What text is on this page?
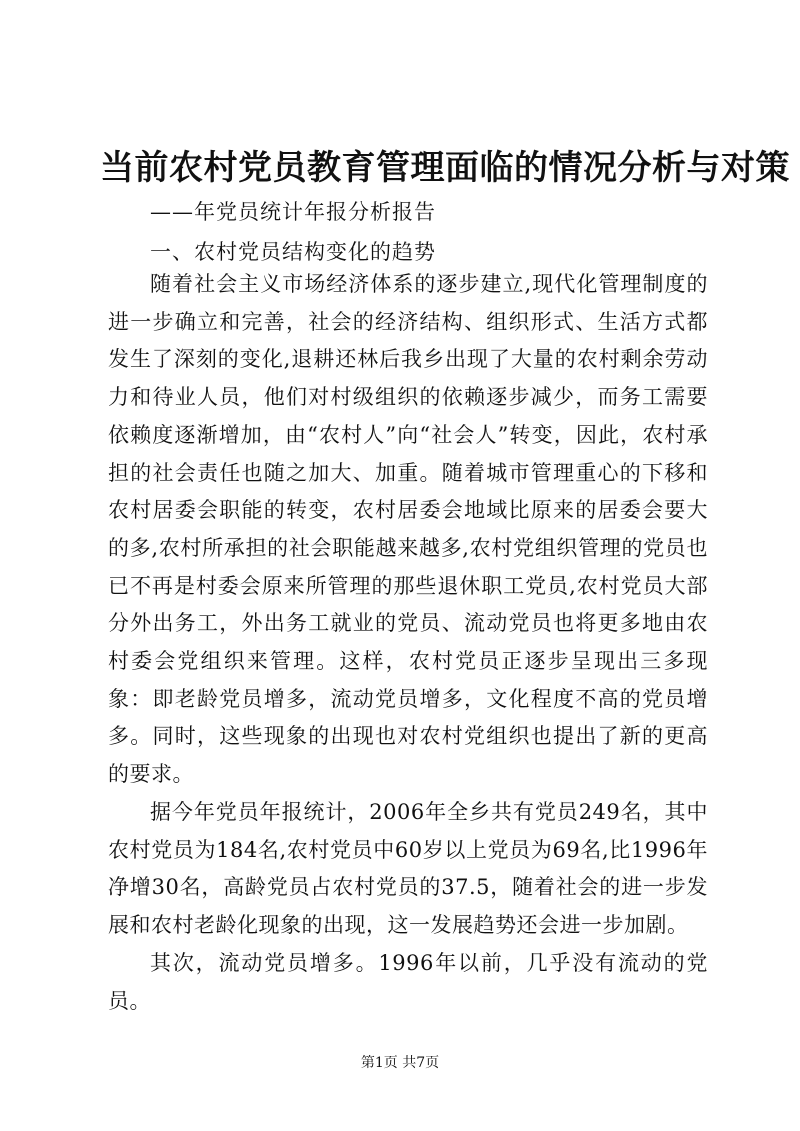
当前农村党员教育管理面临的情况分析与对策
——年党员统计年报分析报告
一、农村党员结构变化的趋势

随着社会主义市场经济体系的逐步建立,现代化管理制度的进一步确立和完善，社会的经济结构、组织形式、生活方式都发生了深刻的变化,退耕还林后我乡出现了大量的农村剩余劳动力和待业人员，他们对村级组织的依赖逐步减少，而务工需要依赖度逐渐增加，由“农村人”向“社会人”转变，因此，农村承担的社会责任也随之加大、加重。随着城市管理重心的下移和农村居委会职能的转变，农村居委会地域比原来的居委会要大的多,农村所承担的社会职能越来越多,农村党组织管理的党员也已不再是村委会原来所管理的那些退休职工党员,农村党员大部分外出务工，外出务工就业的党员、流动党员也将更多地由农村委会党组织来管理。这样，农村党员正逐步呈现出三多现象：即老龄党员增多，流动党员增多，文化程度不高的党员增多。同时，这些现象的出现也对农村党组织也提出了新的更高的要求。

据今年党员年报统计，2006年全乡共有党员249名，其中农村党员为184名,农村党员中60岁以上党员为69名,比1996年净增30名，高龄党员占农村党员的37.5，随着社会的进一步发展和农村老龄化现象的出现，这一发展趋势还会进一步加剧。

其次，流动党员增多。1996年以前，几乎没有流动的党员。

第1页 共7页
